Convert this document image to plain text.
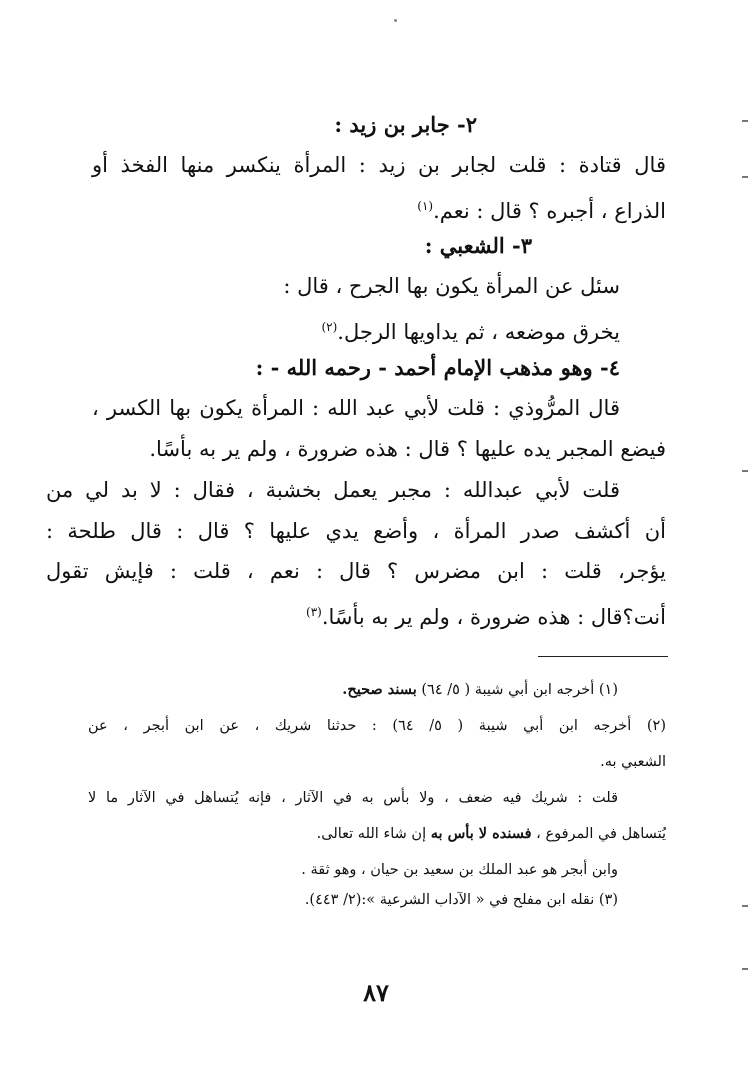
٢- جابر بن زيد :
قال قتادة : قلت لجابر بن زيد : المرأة ينكسر منها الفخذ أو
الذراع ، أجبره ؟ قال : نعم.$^{(١)}$
٣- الشعبي :
سئل عن المرأة يكون بها الجرح ، قال :
يخرق موضعه ، ثم يداويها الرجل.$^{(٢)}$
٤- وهو مذهب الإمام أحمد - رحمه الله - :
قال المرُّوذي : قلت لأبي عبد الله : المرأة يكون بها الكسر ،
فيضع المجبر يده عليها ؟ قال : هذه ضرورة ، ولم ير به بأسًا.
قلت لأبي عبدالله : مجبر يعمل بخشبة ، فقال : لا بد لي من
أن أكشف صدر المرأة ، وأضع يدي عليها ؟ قال : قال طلحة :
يؤجر، قلت : ابن مضرس ؟ قال : نعم ، قلت : فإيش تقول
أنت؟قال : هذه ضرورة ، ولم ير به بأسًا.$^{(٣)}$
(١) أخرجه ابن أبي شيبة ( ٥/ ٦٤) بسند صحيح.
(٢) أخرجه ابن أبي شيبة ( ٥/ ٦٤) : حدثنا شريك ، عن ابن أبجر ، عن
الشعبي به.
قلت : شريك فيه ضعف ، ولا بأس به في الآثار ، فإنه يُتساهل في الآثار ما لا
يُتساهل في المرفوع ، فسنده لا بأس به إن شاء الله تعالى.
وابن أبجر هو عبد الملك بن سعيد بن حيان ، وهو ثقة .
(٣) نقله ابن مفلح في « الآداب الشرعية »:(٢/ ٤٤٣).
٨٧
